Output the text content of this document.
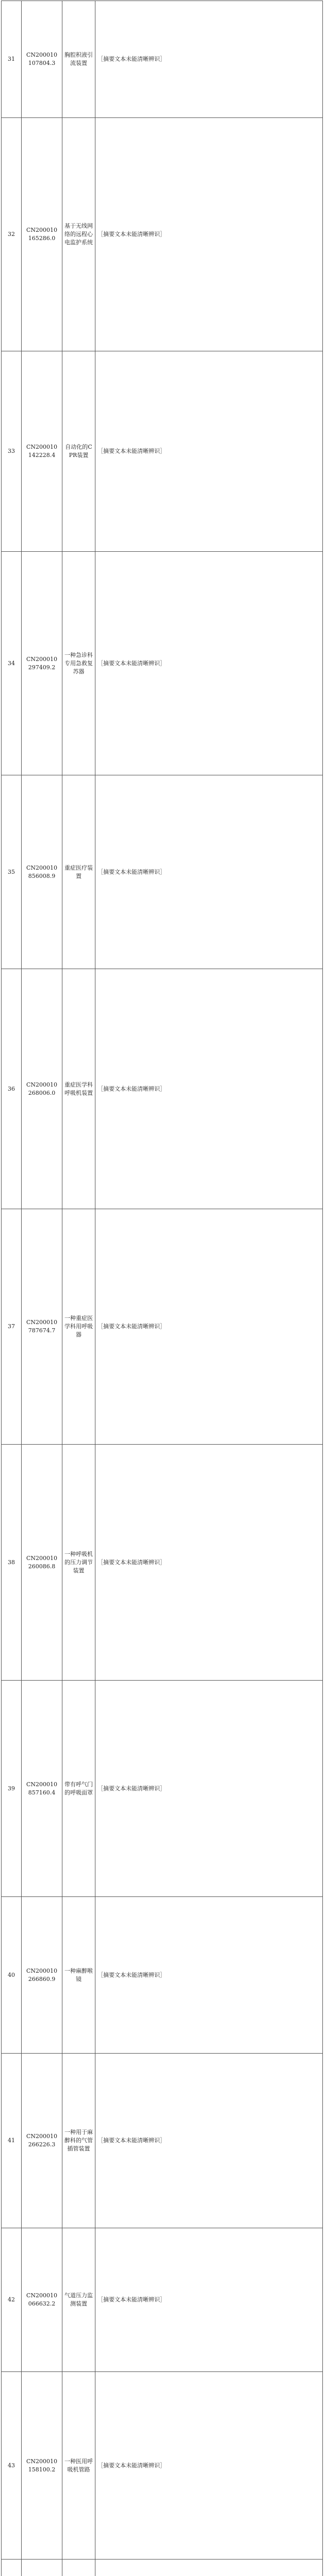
31	CN200010 107804.3	胸腔积液引流装置	［摘要文本未能清晰辨识］

32	CN200010 165286.0	基于无线网络的远程心电监护系统	［摘要文本未能清晰辨识］

33	CN200010 142228.4	自动化的CPR装置	［摘要文本未能清晰辨识］

34	CN200010 297409.2	一种急诊科专用急救复苏器	［摘要文本未能清晰辨识］

35	CN200010 856008.9	重症医疗装置	［摘要文本未能清晰辨识］

36	CN200010 268006.0	重症医学科呼吸机装置	［摘要文本未能清晰辨识］

37	CN200010 787674.7	一种重症医学科用呼吸器	［摘要文本未能清晰辨识］

38	CN200010 260086.8	一种呼吸机的压力调节装置	［摘要文本未能清晰辨识］

39	CN200010 857160.4	带有呼气门的呼吸面罩	［摘要文本未能清晰辨识］

40	CN200010 266860.9	一种麻醉喉镜	［摘要文本未能清晰辨识］

41	CN200010 266226.3	一种用于麻醉科的气管插管装置	［摘要文本未能清晰辨识］

42	CN200010 066632.2	气道压力监测装置	［摘要文本未能清晰辨识］

43	CN200010 158100.2	一种医用呼吸机管路	［摘要文本未能清晰辨识］
